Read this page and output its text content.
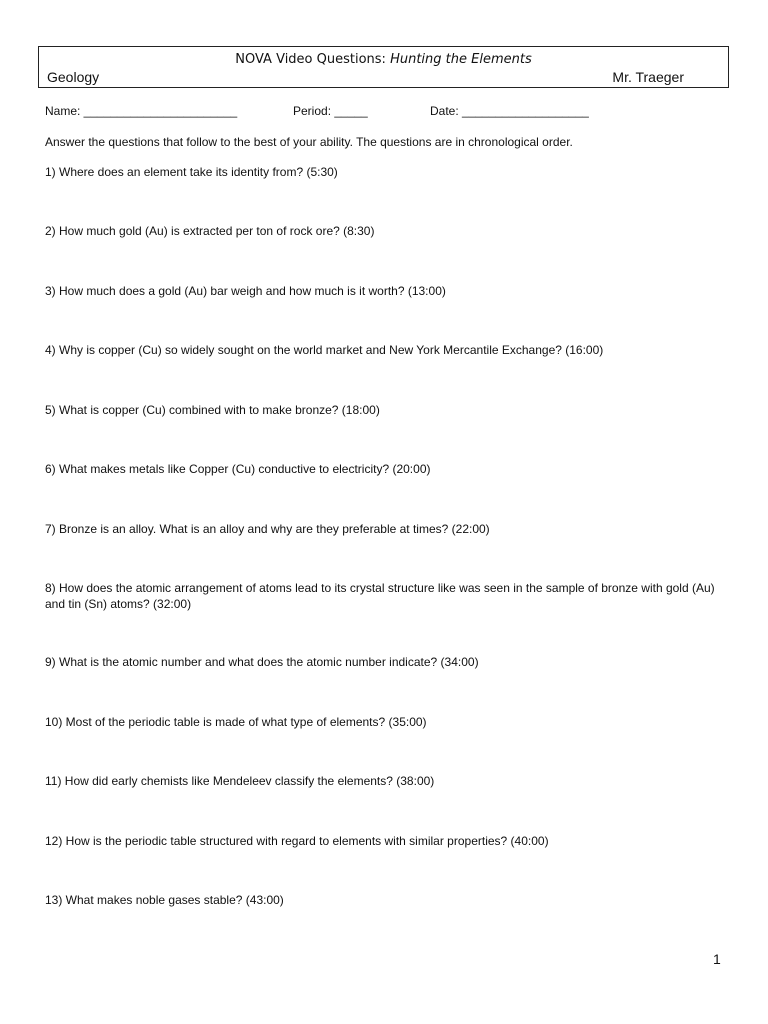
NOVA Video Questions: Hunting the Elements
Geology	Mr. Traeger
Name: _______________________	Period: _____	Date: ___________________
Answer the questions that follow to the best of your ability. The questions are in chronological order.
1) Where does an element take its identity from? (5:30)
2) How much gold (Au) is extracted per ton of rock ore? (8:30)
3) How much does a gold (Au) bar weigh and how much is it worth? (13:00)
4) Why is copper (Cu) so widely sought on the world market and New York Mercantile Exchange? (16:00)
5) What is copper (Cu) combined with to make bronze? (18:00)
6) What makes metals like Copper (Cu) conductive to electricity? (20:00)
7) Bronze is an alloy. What is an alloy and why are they preferable at times? (22:00)
8) How does the atomic arrangement of atoms lead to its crystal structure like was seen in the sample of bronze with gold (Au) and tin (Sn) atoms? (32:00)
9) What is the atomic number and what does the atomic number indicate? (34:00)
10) Most of the periodic table is made of what type of elements? (35:00)
11) How did early chemists like Mendeleev classify the elements? (38:00)
12) How is the periodic table structured with regard to elements with similar properties? (40:00)
13) What makes noble gases stable? (43:00)
1
